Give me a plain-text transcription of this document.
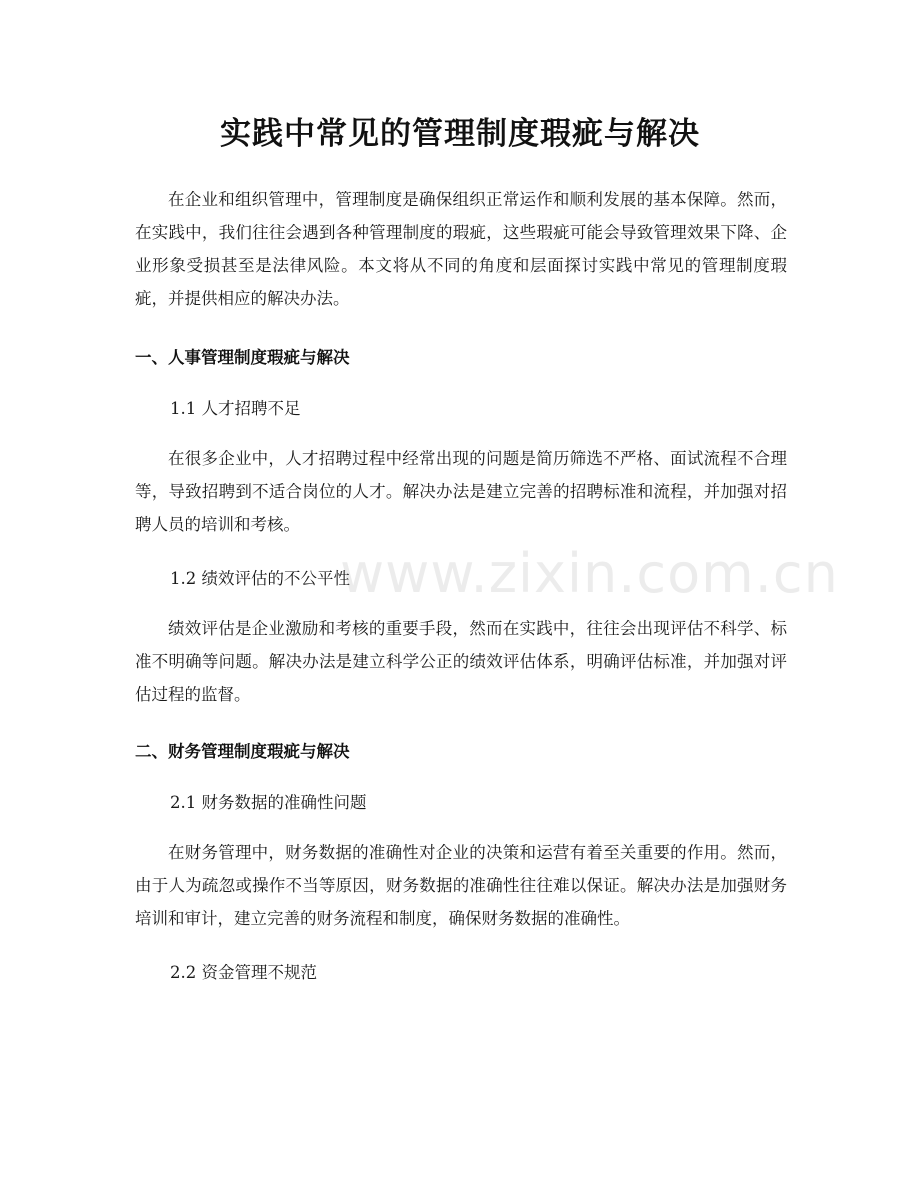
实践中常见的管理制度瑕疵与解决

在企业和组织管理中，管理制度是确保组织正常运作和顺利发展的基本保障。然而，在实践中，我们往往会遇到各种管理制度的瑕疵，这些瑕疵可能会导致管理效果下降、企业形象受损甚至是法律风险。本文将从不同的角度和层面探讨实践中常见的管理制度瑕疵，并提供相应的解决办法。

一、人事管理制度瑕疵与解决

1.1 人才招聘不足

在很多企业中，人才招聘过程中经常出现的问题是简历筛选不严格、面试流程不合理等，导致招聘到不适合岗位的人才。解决办法是建立完善的招聘标准和流程，并加强对招聘人员的培训和考核。

1.2 绩效评估的不公平性

绩效评估是企业激励和考核的重要手段，然而在实践中，往往会出现评估不科学、标准不明确等问题。解决办法是建立科学公正的绩效评估体系，明确评估标准，并加强对评估过程的监督。

二、财务管理制度瑕疵与解决

2.1 财务数据的准确性问题

在财务管理中，财务数据的准确性对企业的决策和运营有着至关重要的作用。然而，由于人为疏忽或操作不当等原因，财务数据的准确性往往难以保证。解决办法是加强财务培训和审计，建立完善的财务流程和制度，确保财务数据的准确性。

2.2 资金管理不规范

www.zixin.com.cn
